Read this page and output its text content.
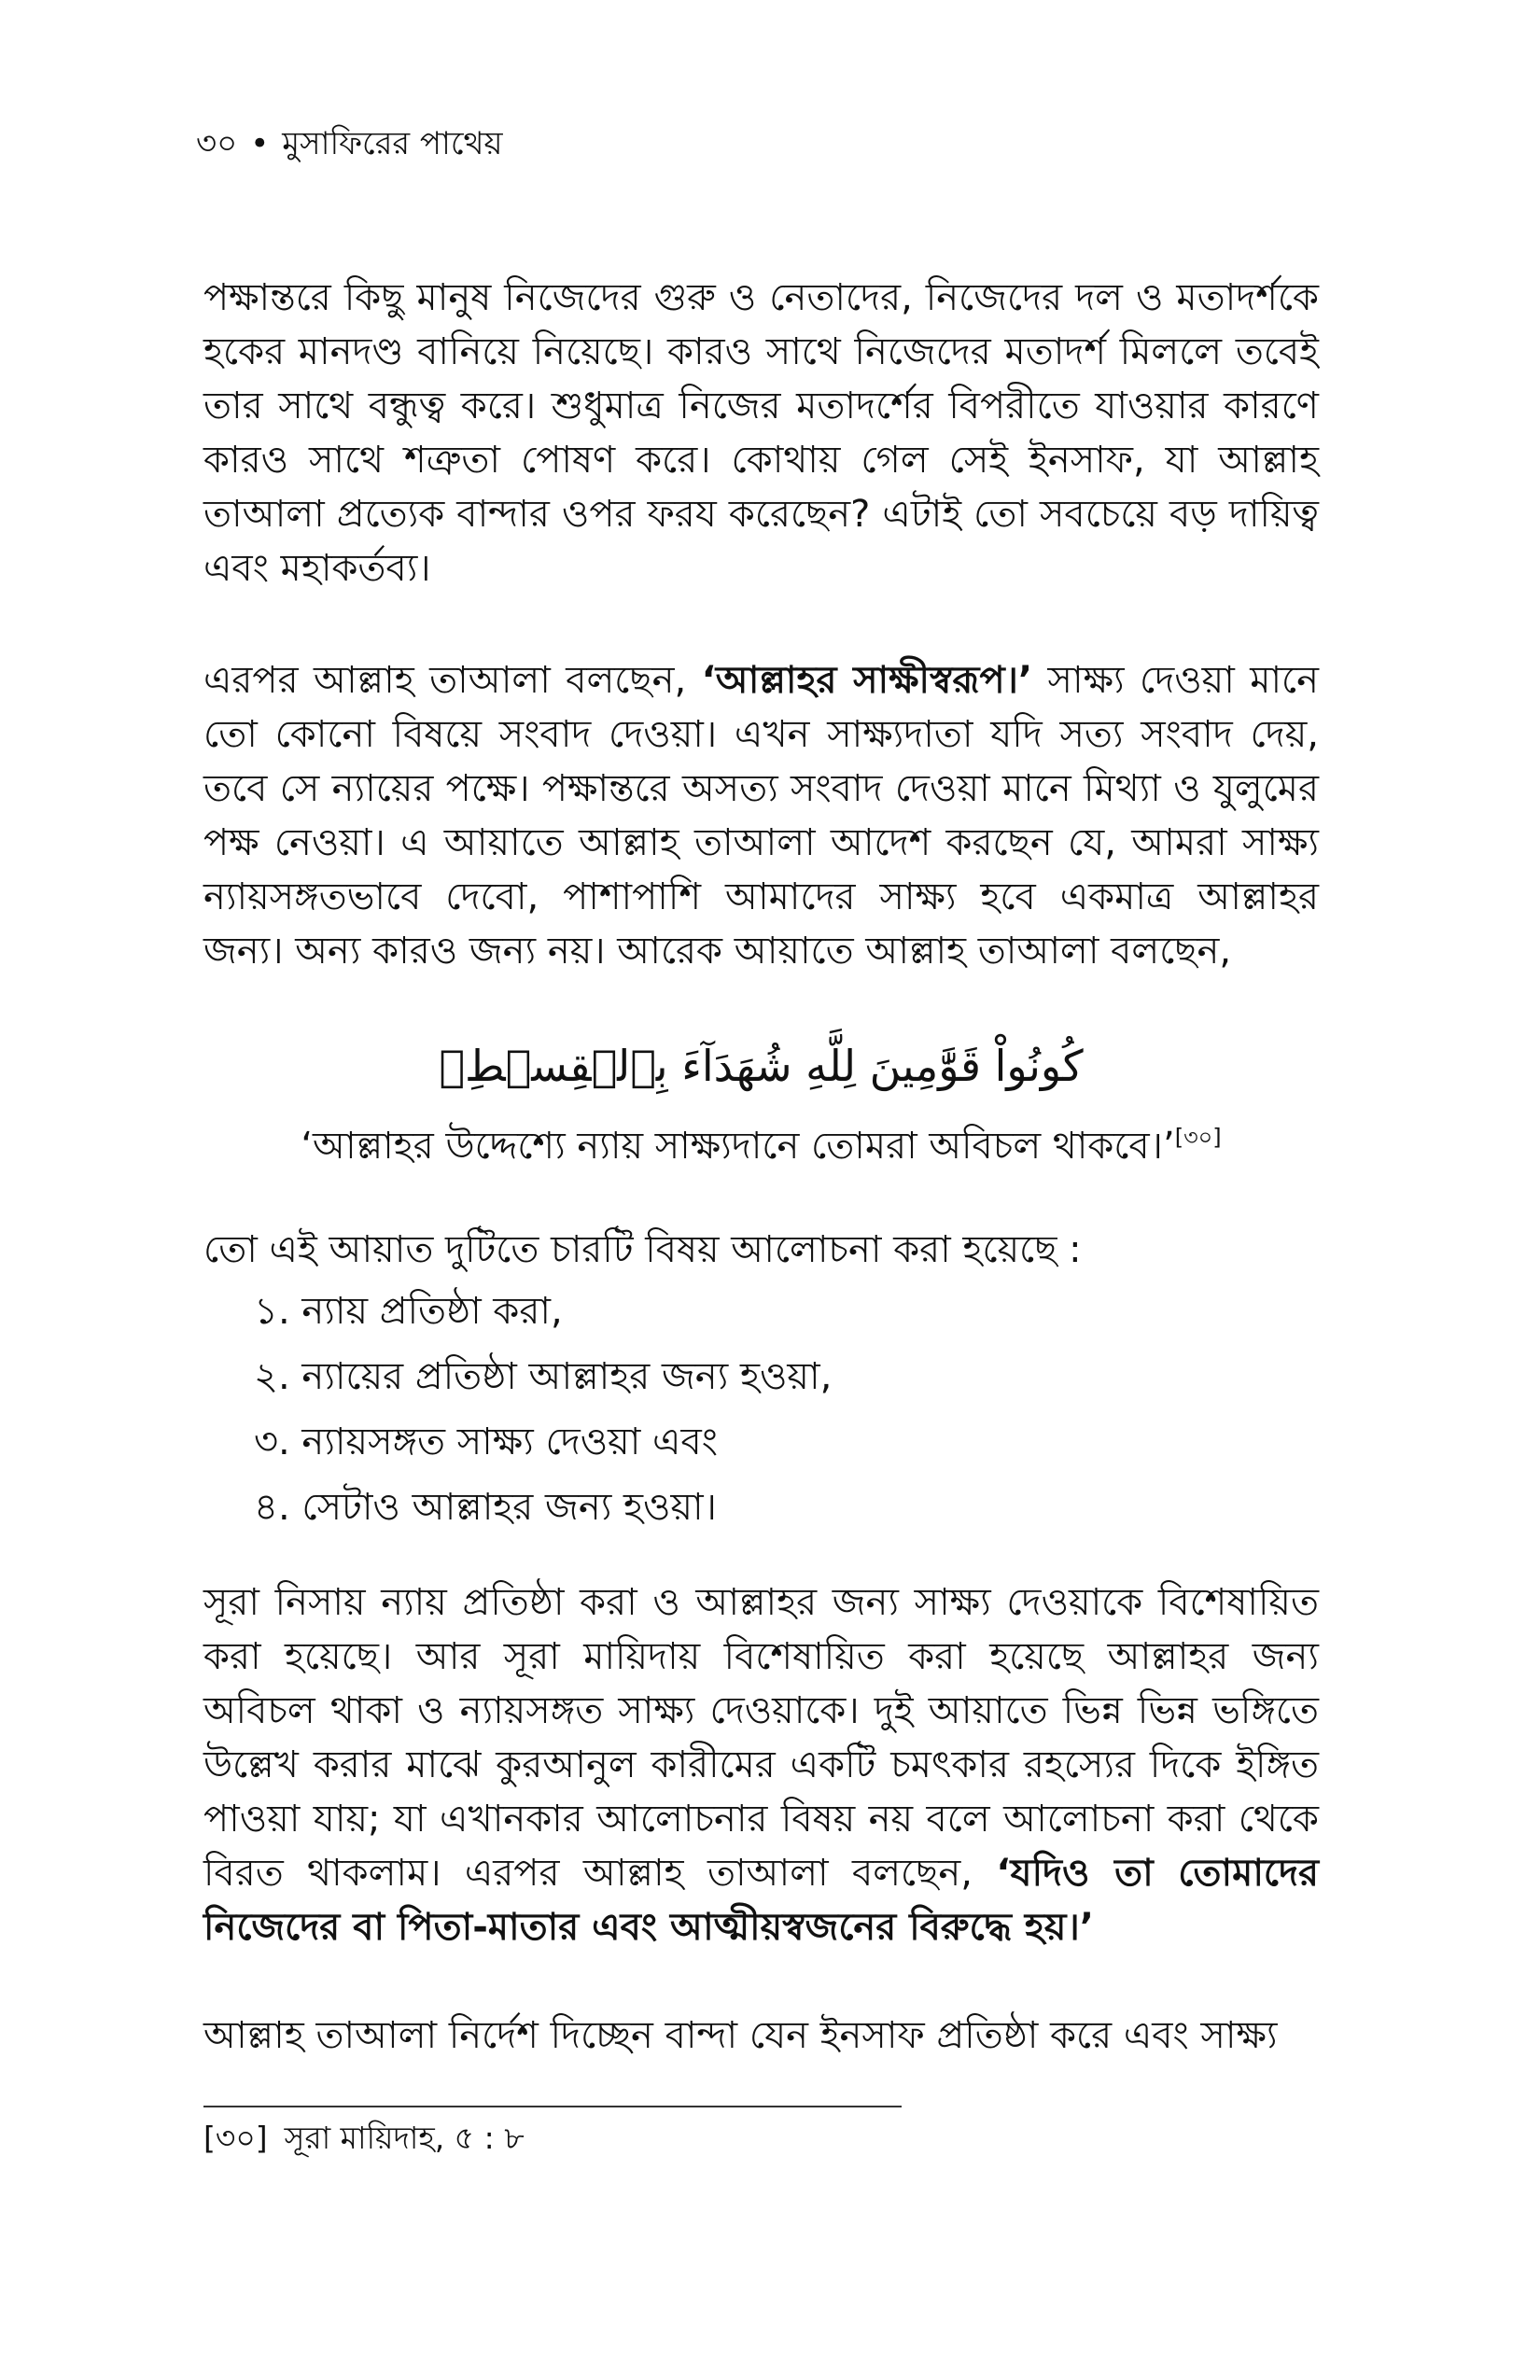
৩০ • মুসাফিরের পাথেয়

পক্ষান্তরে কিছু মানুষ নিজেদের গুরু ও নেতাদের, নিজেদের দল ও মতাদর্শকে হকের মানদণ্ড বানিয়ে নিয়েছে। কারও সাথে নিজেদের মতাদর্শ মিললে তবেই তার সাথে বন্ধুত্ব করে। শুধুমাত্র নিজের মতাদর্শের বিপরীতে যাওয়ার কারণে কারও সাথে শত্রুতা পোষণ করে। কোথায় গেল সেই ইনসাফ, যা আল্লাহ তাআলা প্রত্যেক বান্দার ওপর ফরয করেছেন? এটাই তো সবচেয়ে বড় দায়িত্ব এবং মহাকর্তব্য।

এরপর আল্লাহ তাআলা বলছেন, ‘আল্লাহর সাক্ষীস্বরূপ।’ সাক্ষ্য দেওয়া মানে তো কোনো বিষয়ে সংবাদ দেওয়া। এখন সাক্ষ্যদাতা যদি সত্য সংবাদ দেয়, তবে সে ন্যায়ের পক্ষে। পক্ষান্তরে অসত্য সংবাদ দেওয়া মানে মিথ্যা ও যুলুমের পক্ষ নেওয়া। এ আয়াতে আল্লাহ তাআলা আদেশ করছেন যে, আমরা সাক্ষ্য ন্যায়সঙ্গতভাবে দেবো, পাশাপাশি আমাদের সাক্ষ্য হবে একমাত্র আল্লাহর জন্য। অন্য কারও জন্য নয়। আরেক আয়াতে আল্লাহ তাআলা বলছেন,

كُونُواْ قَوَّٰمِينَ لِلَّهِ شُهَدَآءَ بِٱلۡقِسۡطِۖ
‘আল্লাহর উদ্দেশ্যে ন্যায় সাক্ষ্যদানে তোমরা অবিচল থাকবে।’[৩০]

তো এই আয়াত দুটিতে চারটি বিষয় আলোচনা করা হয়েছে :

১. ন্যায় প্রতিষ্ঠা করা,
২. ন্যায়ের প্রতিষ্ঠা আল্লাহর জন্য হওয়া,
৩. ন্যায়সঙ্গত সাক্ষ্য দেওয়া এবং
৪. সেটাও আল্লাহর জন্য হওয়া।

সূরা নিসায় ন্যায় প্রতিষ্ঠা করা ও আল্লাহর জন্য সাক্ষ্য দেওয়াকে বিশেষায়িত করা হয়েছে। আর সূরা মায়িদায় বিশেষায়িত করা হয়েছে আল্লাহর জন্য অবিচল থাকা ও ন্যায়সঙ্গত সাক্ষ্য দেওয়াকে। দুই আয়াতে ভিন্ন ভিন্ন ভঙ্গিতে উল্লেখ করার মাঝে কুরআনুল কারীমের একটি চমৎকার রহস্যের দিকে ইঙ্গিত পাওয়া যায়; যা এখানকার আলোচনার বিষয় নয় বলে আলোচনা করা থেকে বিরত থাকলাম। এরপর আল্লাহ তাআলা বলছেন, ‘যদিও তা তোমাদের নিজেদের বা পিতা-মাতার এবং আত্মীয়স্বজনের বিরুদ্ধে হয়।’

আল্লাহ তাআলা নির্দেশ দিচ্ছেন বান্দা যেন ইনসাফ প্রতিষ্ঠা করে এবং সাক্ষ্য

[৩০] সূরা মায়িদাহ, ৫ : ৮
